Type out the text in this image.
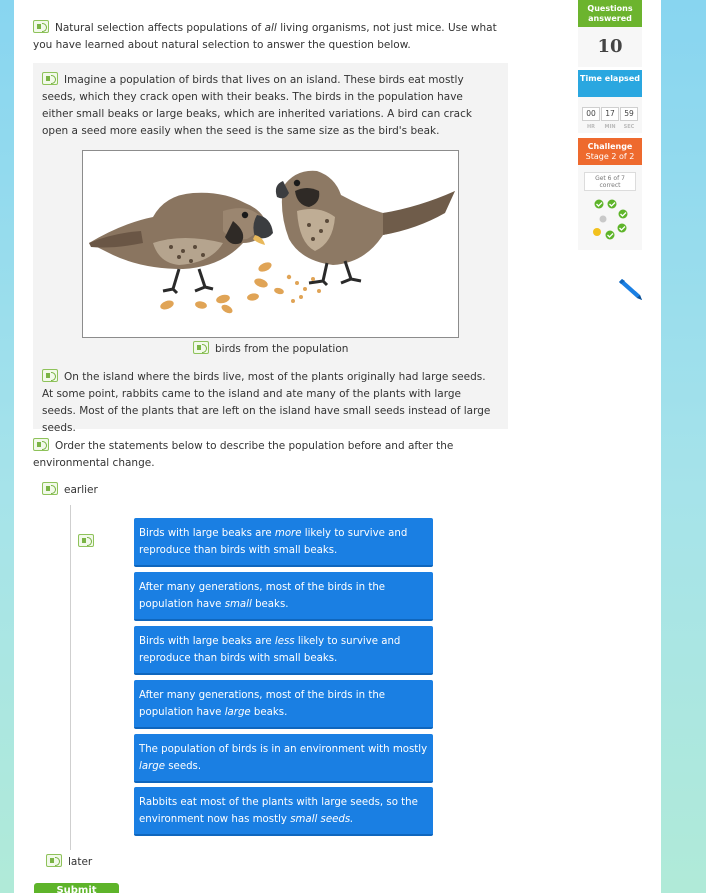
Natural selection affects populations of all living organisms, not just mice. Use what you have learned about natural selection to answer the question below.
Imagine a population of birds that lives on an island. These birds eat mostly seeds, which they crack open with their beaks. The birds in the population have either small beaks or large beaks, which are inherited variations. A bird can crack open a seed more easily when the seed is the same size as the bird's beak.
birds from the population
On the island where the birds live, most of the plants originally had large seeds. At some point, rabbits came to the island and ate many of the plants with large seeds. Most of the plants that are left on the island have small seeds instead of large seeds.
Order the statements below to describe the population before and after the environmental change.
earlier
Birds with large beaks are more likely to survive and reproduce than birds with small beaks.
After many generations, most of the birds in the population have small beaks.
Birds with large beaks are less likely to survive and reproduce than birds with small beaks.
After many generations, most of the birds in the population have large beaks.
The population of birds is in an environment with mostly large seeds.
Rabbits eat most of the plants with large seeds, so the environment now has mostly small seeds.
later
Submit
Questions answered
10
Time elapsed
00	17	59
HR	MIN	SEC
Challenge
Stage 2 of 2
Get 6 of 7 correct
